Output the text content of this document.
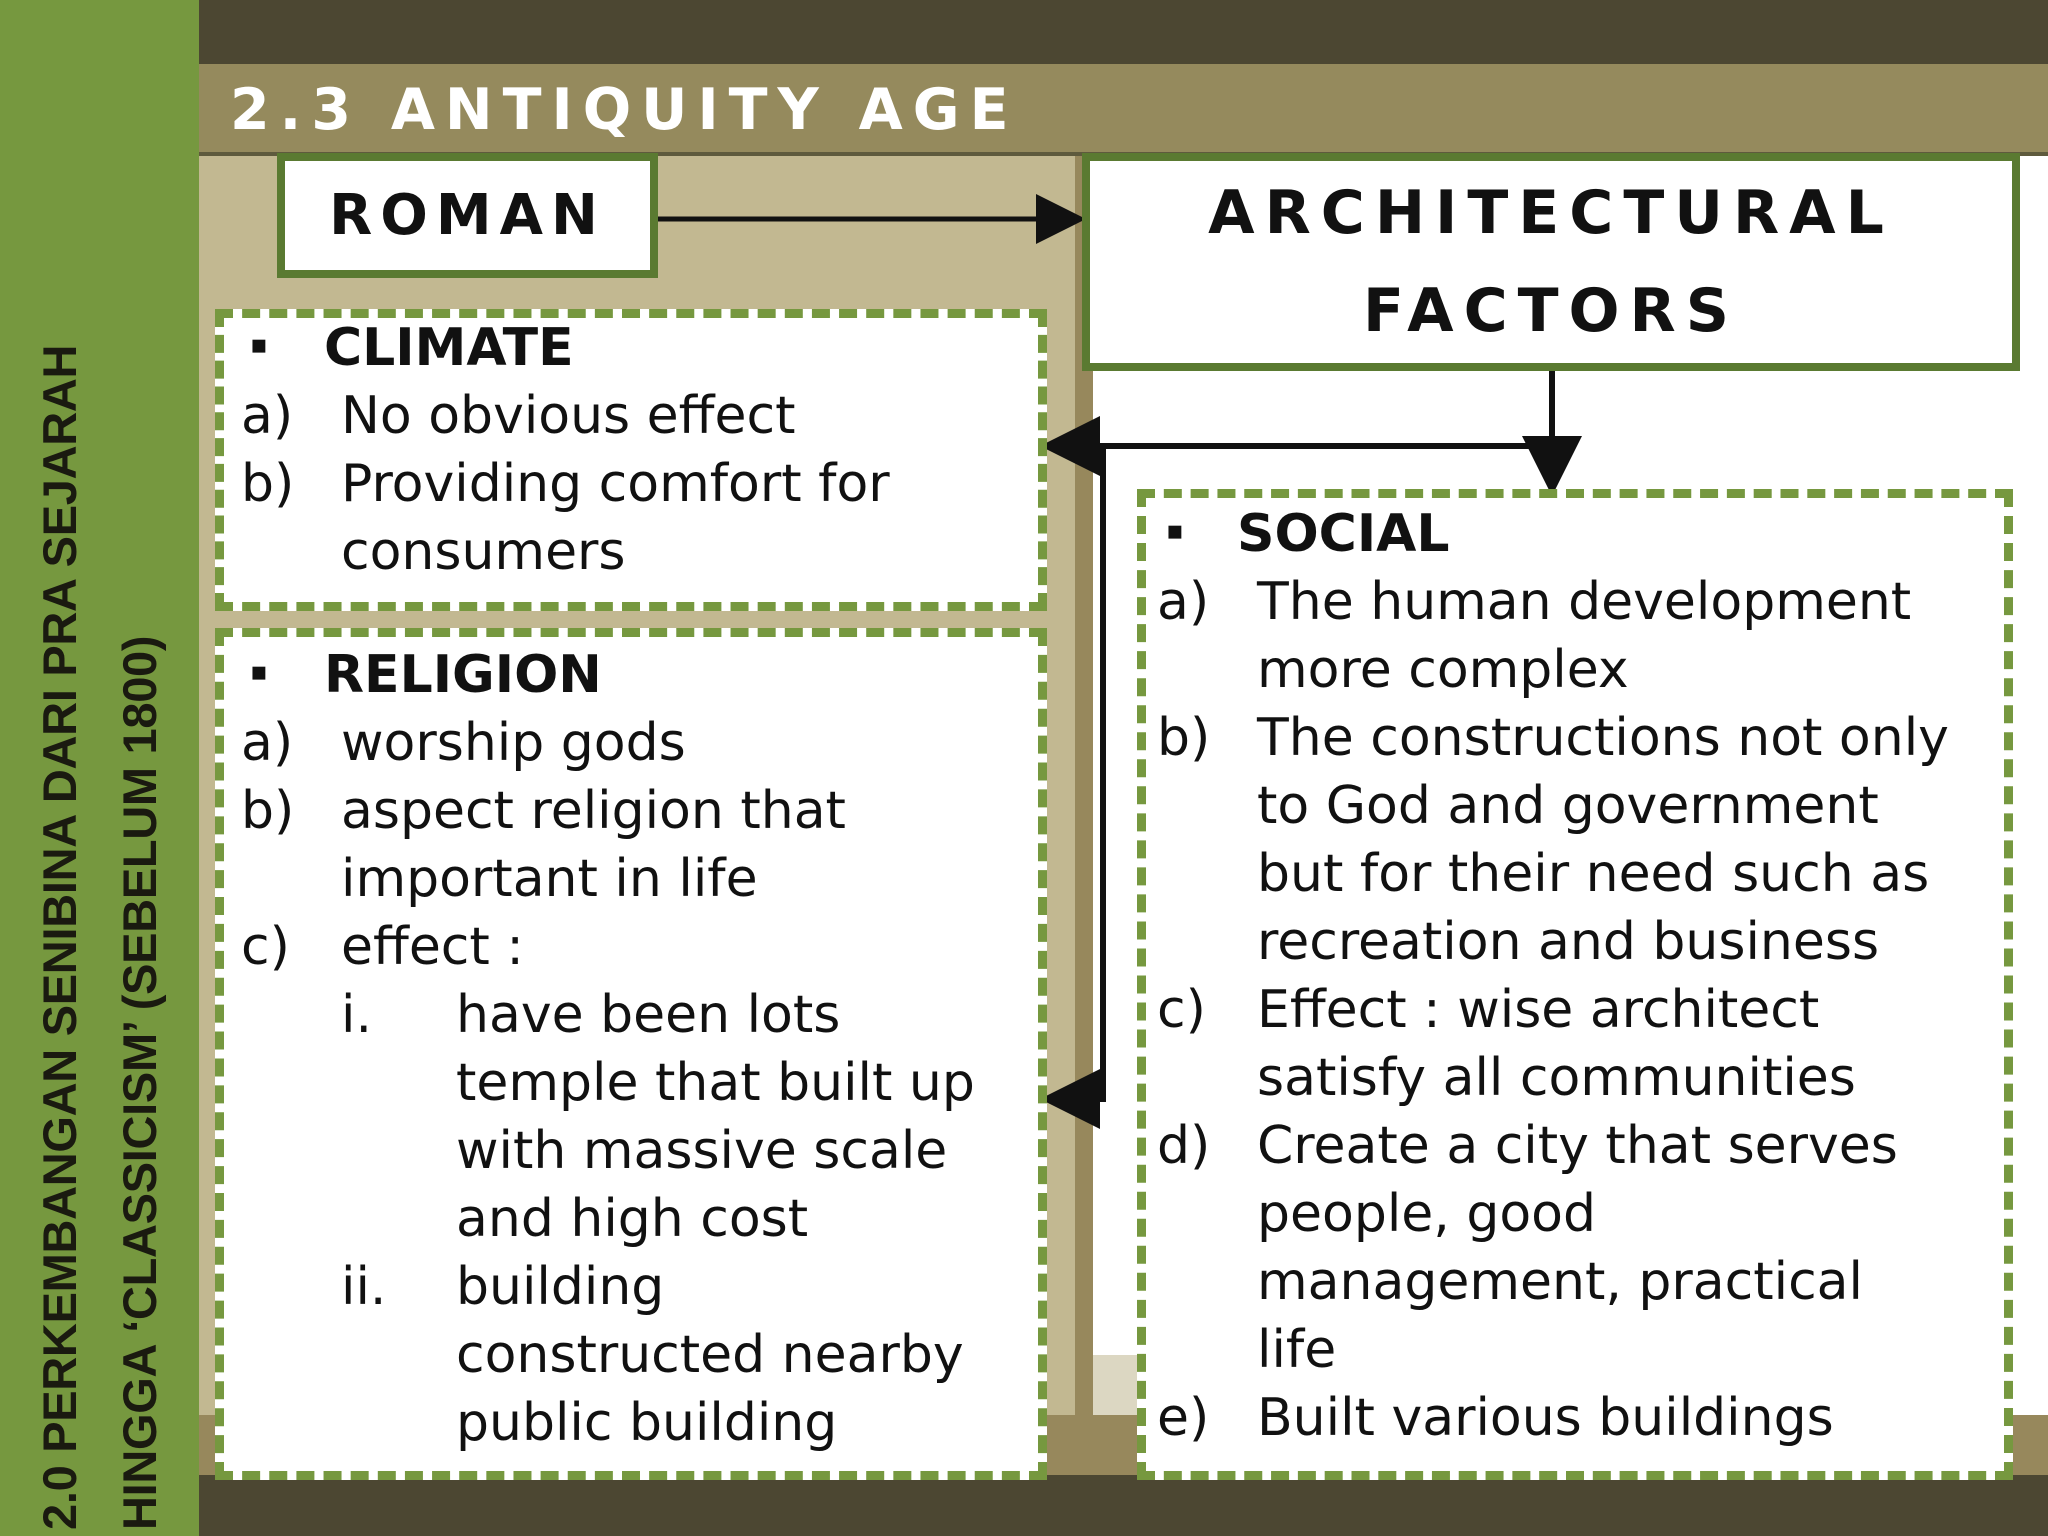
2.0 PERKEMBANGAN SENIBINA DARI PRA SEJARAH HINGGA ‘CLASSICISM’ (SEBELUM 1800)
2.3 ANTIQUITY AGE
ROMAN	ARCHITECTURAL
FACTORS
▪ CLIMATE
a) No obvious effect
b) Providing comfort for
consumers
▪ RELIGION
a) worship gods
b) aspect religion that
important in life
c) effect :
i. have been lots
temple that built up
with massive scale
and high cost
ii. building
constructed nearby
public building
▪ SOCIAL
a) The human development
more complex
b) The constructions not only
to God and government
but for their need such as
recreation and business
c) Effect : wise architect
satisfy all communities
d) Create a city that serves
people, good
management, practical
life
e) Built various buildings
